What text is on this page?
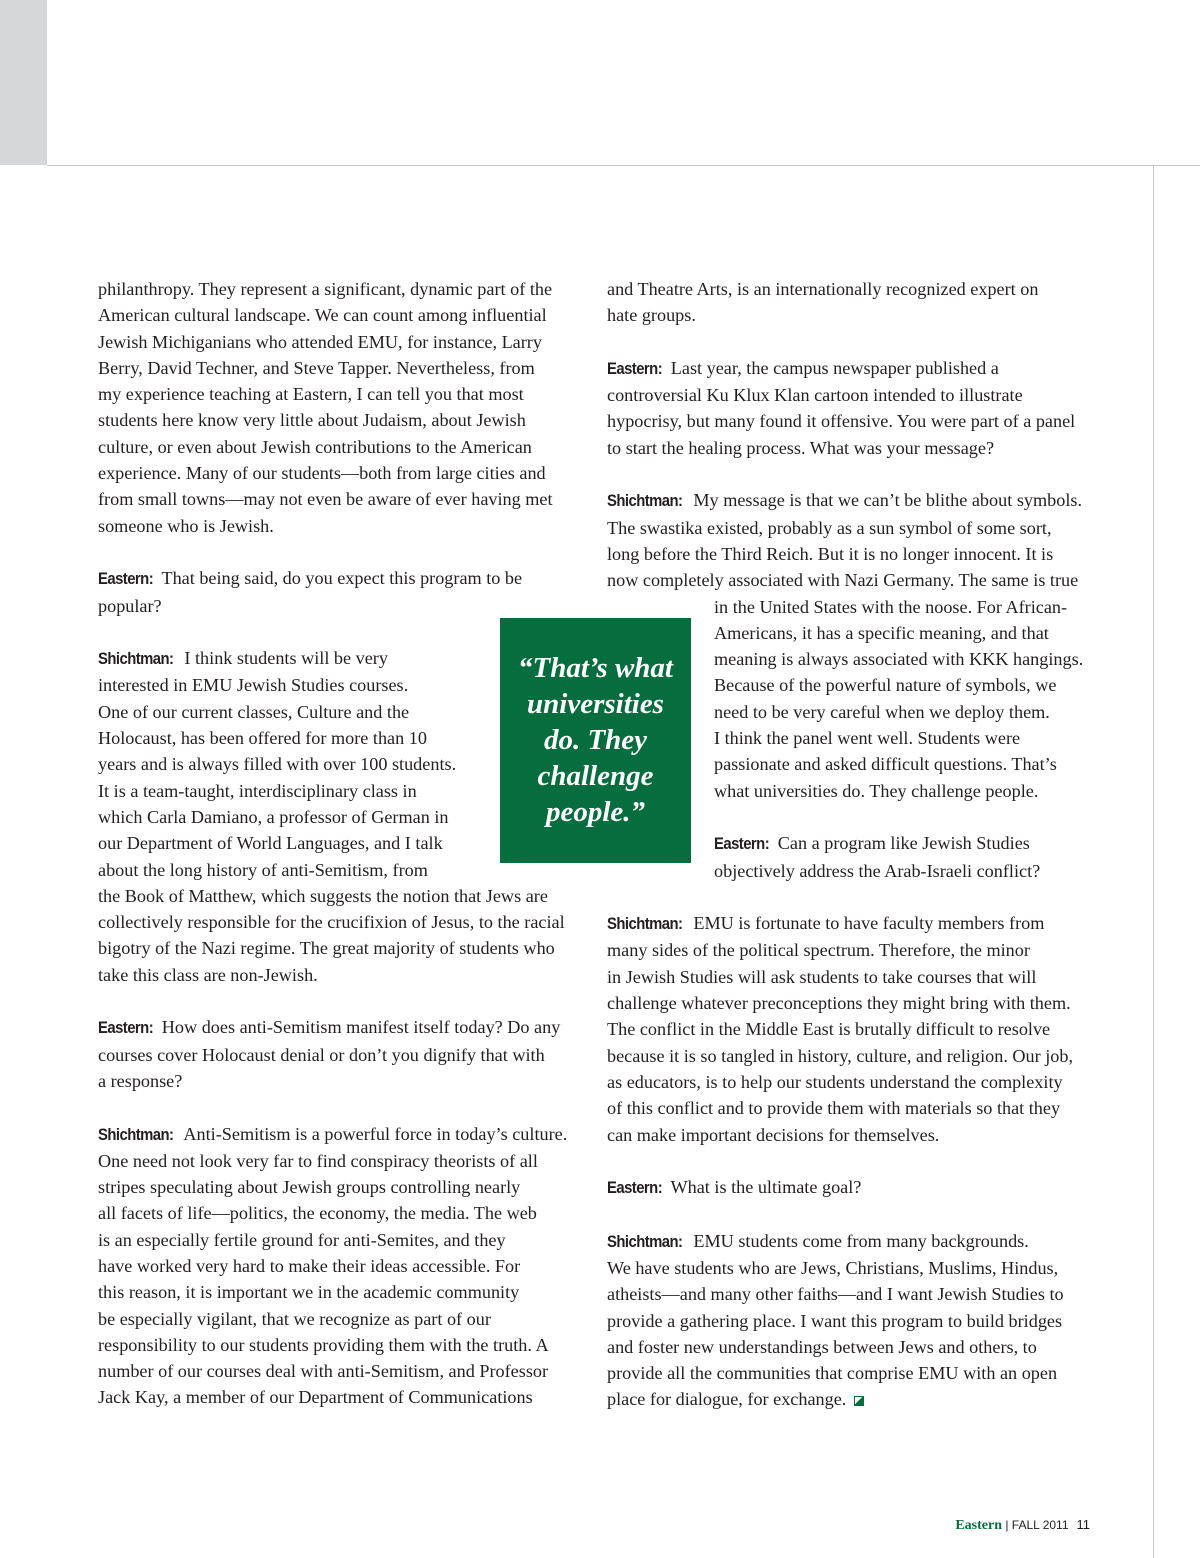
philanthropy. They represent a significant, dynamic part of the

American cultural landscape. We can count among influential

Jewish Michiganians who attended EMU, for instance, Larry

Berry, David Techner, and Steve Tapper. Nevertheless, from

my experience teaching at Eastern, I can tell you that most

students here know very little about Judaism, about Jewish

culture, or even about Jewish contributions to the American

experience. Many of our students—both from large cities and

from small towns—may not even be aware of ever having met

someone who is Jewish.

Eastern: That being said, do you expect this program to be

popular?

Shichtman: I think students will be very

interested in EMU Jewish Studies courses.

One of our current classes, Culture and the

Holocaust, has been offered for more than 10

years and is always filled with over 100 students.

It is a team-taught, interdisciplinary class in

which Carla Damiano, a professor of German in

our Department of World Languages, and I talk

about the long history of anti-Semitism, from

the Book of Matthew, which suggests the notion that Jews are

collectively responsible for the crucifixion of Jesus, to the racial

bigotry of the Nazi regime. The great majority of students who

take this class are non-Jewish.

Eastern: How does anti-Semitism manifest itself today? Do any

courses cover Holocaust denial or don’t you dignify that with

a response?

Shichtman: Anti-Semitism is a powerful force in today’s culture.

One need not look very far to find conspiracy theorists of all

stripes speculating about Jewish groups controlling nearly

all facets of life—politics, the economy, the media. The web

is an especially fertile ground for anti-Semites, and they

have worked very hard to make their ideas accessible. For

this reason, it is important we in the academic community

be especially vigilant, that we recognize as part of our

responsibility to our students providing them with the truth. A

number of our courses deal with anti-Semitism, and Professor

Jack Kay, a member of our Department of Communications

“That’s what
universities
do. They
challenge
people.”

and Theatre Arts, is an internationally recognized expert on

hate groups.

Eastern: Last year, the campus newspaper published a

controversial Ku Klux Klan cartoon intended to illustrate

hypocrisy, but many found it offensive. You were part of a panel

to start the healing process. What was your message?

Shichtman: My message is that we can’t be blithe about symbols.

The swastika existed, probably as a sun symbol of some sort,

long before the Third Reich. But it is no longer innocent. It is

now completely associated with Nazi Germany. The same is true

in the United States with the noose. For African-

Americans, it has a specific meaning, and that

meaning is always associated with KKK hangings.

Because of the powerful nature of symbols, we

need to be very careful when we deploy them.

I think the panel went well. Students were

passionate and asked difficult questions. That’s

what universities do. They challenge people.

Eastern: Can a program like Jewish Studies

objectively address the Arab-Israeli conflict?

Shichtman: EMU is fortunate to have faculty members from

many sides of the political spectrum. Therefore, the minor

in Jewish Studies will ask students to take courses that will

challenge whatever preconceptions they might bring with them.

The conflict in the Middle East is brutally difficult to resolve

because it is so tangled in history, culture, and religion. Our job,

as educators, is to help our students understand the complexity

of this conflict and to provide them with materials so that they

can make important decisions for themselves.

Eastern: What is the ultimate goal?

Shichtman: EMU students come from many backgrounds.

We have students who are Jews, Christians, Muslims, Hindus,

atheists—and many other faiths—and I want Jewish Studies to

provide a gathering place. I want this program to build bridges

and foster new understandings between Jews and others, to

provide all the communities that comprise EMU with an open

place for dialogue, for exchange.

Eastern | FALL 2011 11
